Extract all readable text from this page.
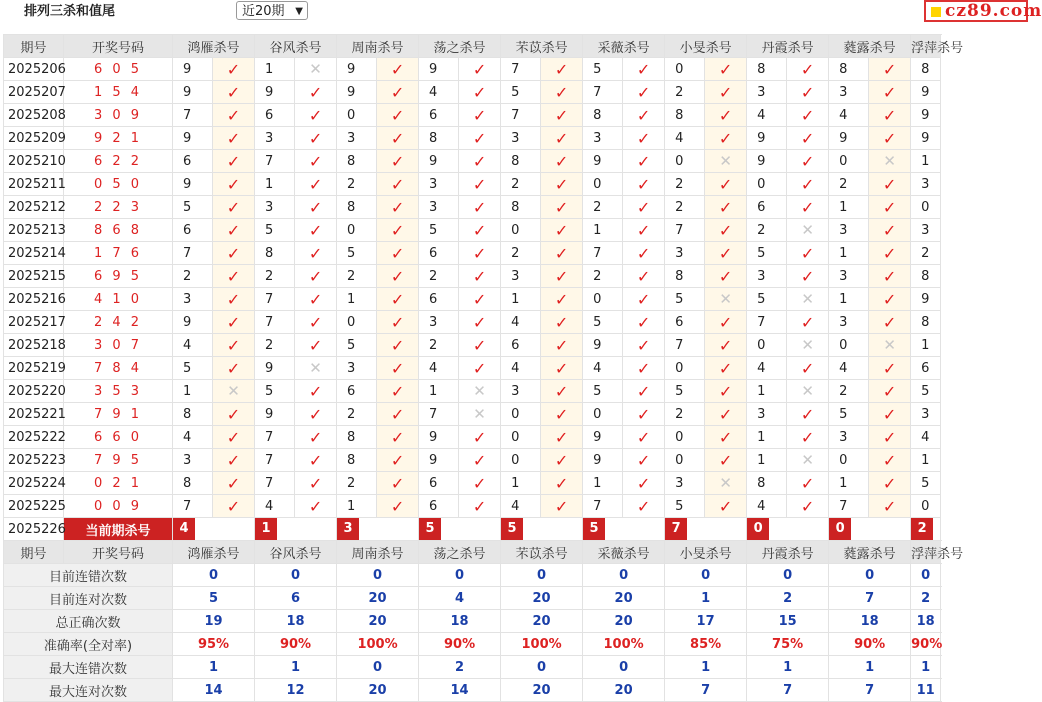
排列三杀和值尾	近20期 ▼	cz89.com
期号	开奖号码	鸿雁杀号		谷风杀号		周南杀号		荡之杀号		芣苡杀号		采薇杀号		小旻杀号		丹霞杀号		蕤露杀号		浮萍杀号	
2025206	6 0 5	9	✓	1	✕	9	✓	9	✓	7	✓	5	✓	0	✓	8	✓	8	✓	8		
2025207	1 5 4	9	✓	9	✓	9	✓	4	✓	5	✓	7	✓	2	✓	3	✓	3	✓	9		
2025208	3 0 9	7	✓	6	✓	0	✓	6	✓	7	✓	8	✓	8	✓	4	✓	4	✓	9		
2025209	9 2 1	9	✓	3	✓	3	✓	8	✓	3	✓	3	✓	4	✓	9	✓	9	✓	9		
2025210	6 2 2	6	✓	7	✓	8	✓	9	✓	8	✓	9	✓	0	✕	9	✓	0	✕	1		
2025211	0 5 0	9	✓	1	✓	2	✓	3	✓	2	✓	0	✓	2	✓	0	✓	2	✓	3		
2025212	2 2 3	5	✓	3	✓	8	✓	3	✓	8	✓	2	✓	2	✓	6	✓	1	✓	0		
2025213	8 6 8	6	✓	5	✓	0	✓	5	✓	0	✓	1	✓	7	✓	2	✕	3	✓	3		
2025214	1 7 6	7	✓	8	✓	5	✓	6	✓	2	✓	7	✓	3	✓	5	✓	1	✓	2		
2025215	6 9 5	2	✓	2	✓	2	✓	2	✓	3	✓	2	✓	8	✓	3	✓	3	✓	8		
2025216	4 1 0	3	✓	7	✓	1	✓	6	✓	1	✓	0	✓	5	✕	5	✕	1	✓	9		
2025217	2 4 2	9	✓	7	✓	0	✓	3	✓	4	✓	5	✓	6	✓	7	✓	3	✓	8		
2025218	3 0 7	4	✓	2	✓	5	✓	2	✓	6	✓	9	✓	7	✓	0	✕	0	✕	1		
2025219	7 8 4	5	✓	9	✕	3	✓	4	✓	4	✓	4	✓	0	✓	4	✓	4	✓	6		
2025220	3 5 3	1	✕	5	✓	6	✓	1	✕	3	✓	5	✓	5	✓	1	✕	2	✓	5		
2025221	7 9 1	8	✓	9	✓	2	✓	7	✕	0	✓	0	✓	2	✓	3	✓	5	✓	3		
2025222	6 6 0	4	✓	7	✓	8	✓	9	✓	0	✓	9	✓	0	✓	1	✓	3	✓	4		
2025223	7 9 5	3	✓	7	✓	8	✓	9	✓	0	✓	9	✓	0	✓	1	✕	0	✓	1		
2025224	0 2 1	8	✓	7	✓	2	✓	6	✓	1	✓	1	✓	3	✕	8	✓	1	✓	5		
2025225	0 0 9	7	✓	4	✓	1	✓	6	✓	4	✓	7	✓	5	✓	4	✓	7	✓	0		
2025226	当前期杀号	4		1		3		5		5		5		7		0		0		2	
期号	开奖号码	鸿雁杀号		谷风杀号		周南杀号		荡之杀号		芣苡杀号		采薇杀号		小旻杀号		丹霞杀号		蕤露杀号		浮萍杀号	
目前连错次数		0		0		0		0		0		0		0		0		0		0	
目前连对次数		5		6		20		4		20		20		1		2		7		2	
总正确次数		19		18		20		18		20		20		17		15		18		18	
准确率(全对率)		95%		90%		100%		90%		100%		100%		85%		75%		90%		90%	
最大连错次数		1		1		0		2		0		0		1		1		1		1	
最大连对次数		14		12		20		14		20		20		7		7		7		11	
